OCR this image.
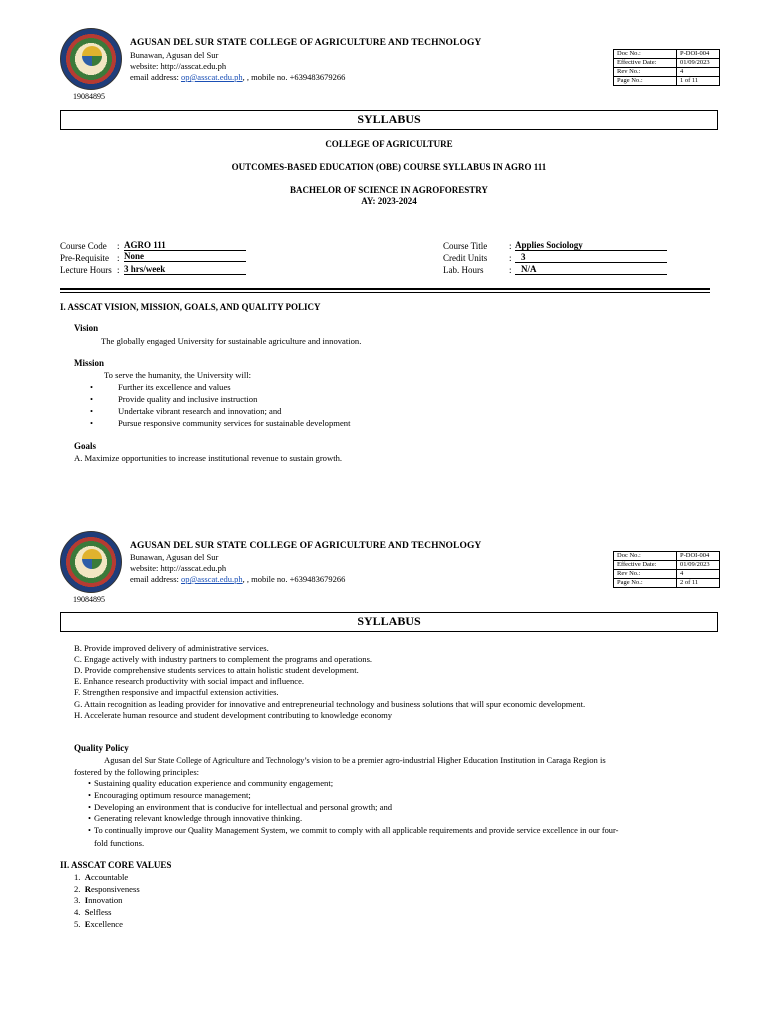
19084895
AGUSAN DEL SUR STATE COLLEGE OF AGRICULTURE AND TECHNOLOGY
Bunawan, Agusan del Sur
website: http://asscat.edu.ph
email address: op@asscat.edu.ph, , mobile no. +639483679266
Doc No.:	P-DOI-004
Effective Date:	01/09/2023
Rev No.:	4
Page No.:	1 of 11
SYLLABUS
COLLEGE OF AGRICULTURE
OUTCOMES-BASED EDUCATION (OBE) COURSE SYLLABUS IN AGRO 111
BACHELOR OF SCIENCE IN AGROFORESTRY
AY: 2023-2024
Course Code : AGRO 111
Pre-Requisite : None
Lecture Hours : 3 hrs/week
Course Title : Applies Sociology
Credit Units :	3
Lab. Hours	:	N/A
I. ASSCAT VISION, MISSION, GOALS, AND QUALITY POLICY
Vision
The globally engaged University for sustainable agriculture and innovation.
Mission
To serve the humanity, the University will:
• Further its excellence and values
• Provide quality and inclusive instruction
• Undertake vibrant research and innovation; and
• Pursue responsive community services for sustainable development
Goals
A. Maximize opportunities to increase institutional revenue to sustain growth.
19084895
AGUSAN DEL SUR STATE COLLEGE OF AGRICULTURE AND TECHNOLOGY
Bunawan, Agusan del Sur
website: http://asscat.edu.ph
email address: op@asscat.edu.ph, , mobile no. +639483679266
Doc No.:	P-DOI-004
Effective Date:	01/09/2023
Rev No.:	4
Page No.:	2 of 11
SYLLABUS
B. Provide improved delivery of administrative services.
C. Engage actively with industry partners to complement the programs and operations.
D. Provide comprehensive students services to attain holistic student development.
E. Enhance research productivity with social impact and influence.
F. Strengthen responsive and impactful extension activities.
G. Attain recognition as leading provider for innovative and entrepreneurial technology and business solutions that will spur economic development.
H. Accelerate human resource and student development contributing to knowledge economy
Quality Policy
Agusan del Sur State College of Agriculture and Technology’s vision to be a premier agro-industrial Higher Education Institution in Caraga Region is
fostered by the following principles:
• Sustaining quality education experience and community engagement;
• Encouraging optimum resource management;
• Developing an environment that is conducive for intellectual and personal growth; and
• Generating relevant knowledge through innovative thinking.
• To continually improve our Quality Management System, we commit to comply with all applicable requirements and provide service excellence in our four-
fold functions.
II. ASSCAT CORE VALUES
1. Accountable
2. Responsiveness
3. Innovation
4. Selfless
5. Excellence
